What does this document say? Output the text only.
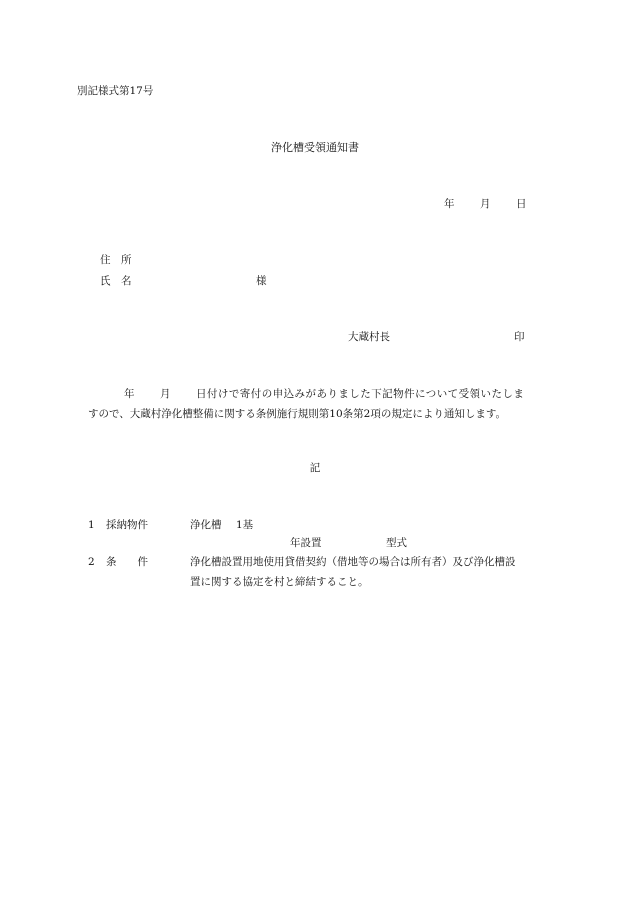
別記様式第17号
浄化槽受領通知書
年 月 日
住　所
氏　名	様
大蔵村長	印
年 月 日付けで寄付の申込みがありました下記物件について受領いたしま
すので、大蔵村浄化槽整備に関する条例施行規則第10条第2項の規定により通知します。
記
1 採納物件	浄化槽 1基
年設置	型式
2 条　　件	浄化槽設置用地使用貸借契約（借地等の場合は所有者）及び浄化槽設
置に関する協定を村と締結すること。
